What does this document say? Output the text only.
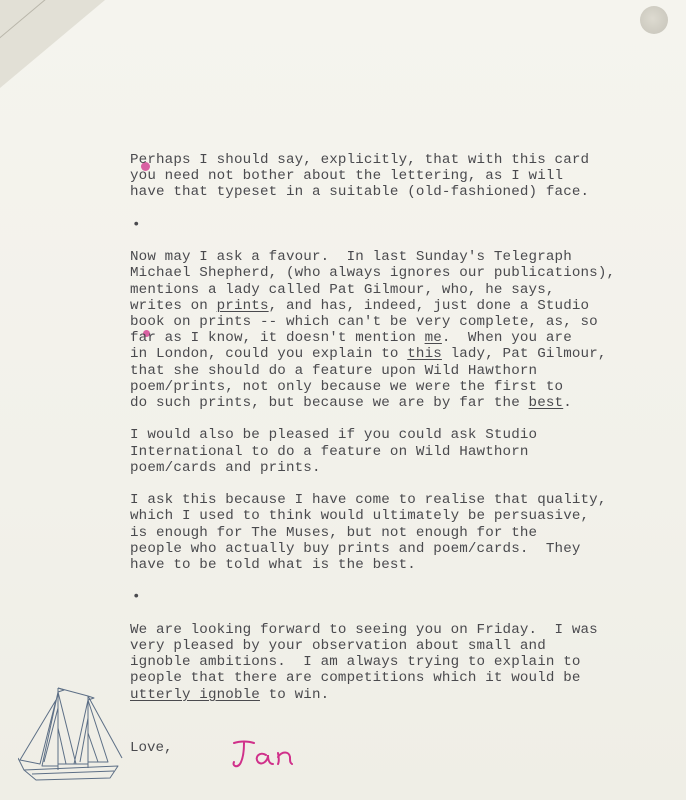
Perhaps I should say, explicitly, that with this card
you need not bother about the lettering, as I will
have that typeset in a suitable (old-fashioned) face.
•
Now may I ask a favour.  In last Sunday's Telegraph
Michael Shepherd, (who always ignores our publications),
mentions a lady called Pat Gilmour, who, he says,
writes on prints, and has, indeed, just done a Studio
book on prints -- which can't be very complete, as, so
far as I know, it doesn't mention me.  When you are
in London, could you explain to this lady, Pat Gilmour,
that she should do a feature upon Wild Hawthorn
poem/prints, not only because we were the first to
do such prints, but because we are by far the best.
I would also be pleased if you could ask Studio
International to do a feature on Wild Hawthorn
poem/cards and prints.
I ask this because I have come to realise that quality,
which I used to think would ultimately be persuasive,
is enough for The Muses, but not enough for the
people who actually buy prints and poem/cards.  They
have to be told what is the best.
•
We are looking forward to seeing you on Friday.  I was
very pleased by your observation about small and
ignoble ambitions.  I am always trying to explain to
people that there are competitions which it would be
utterly ignoble to win.
Love,
